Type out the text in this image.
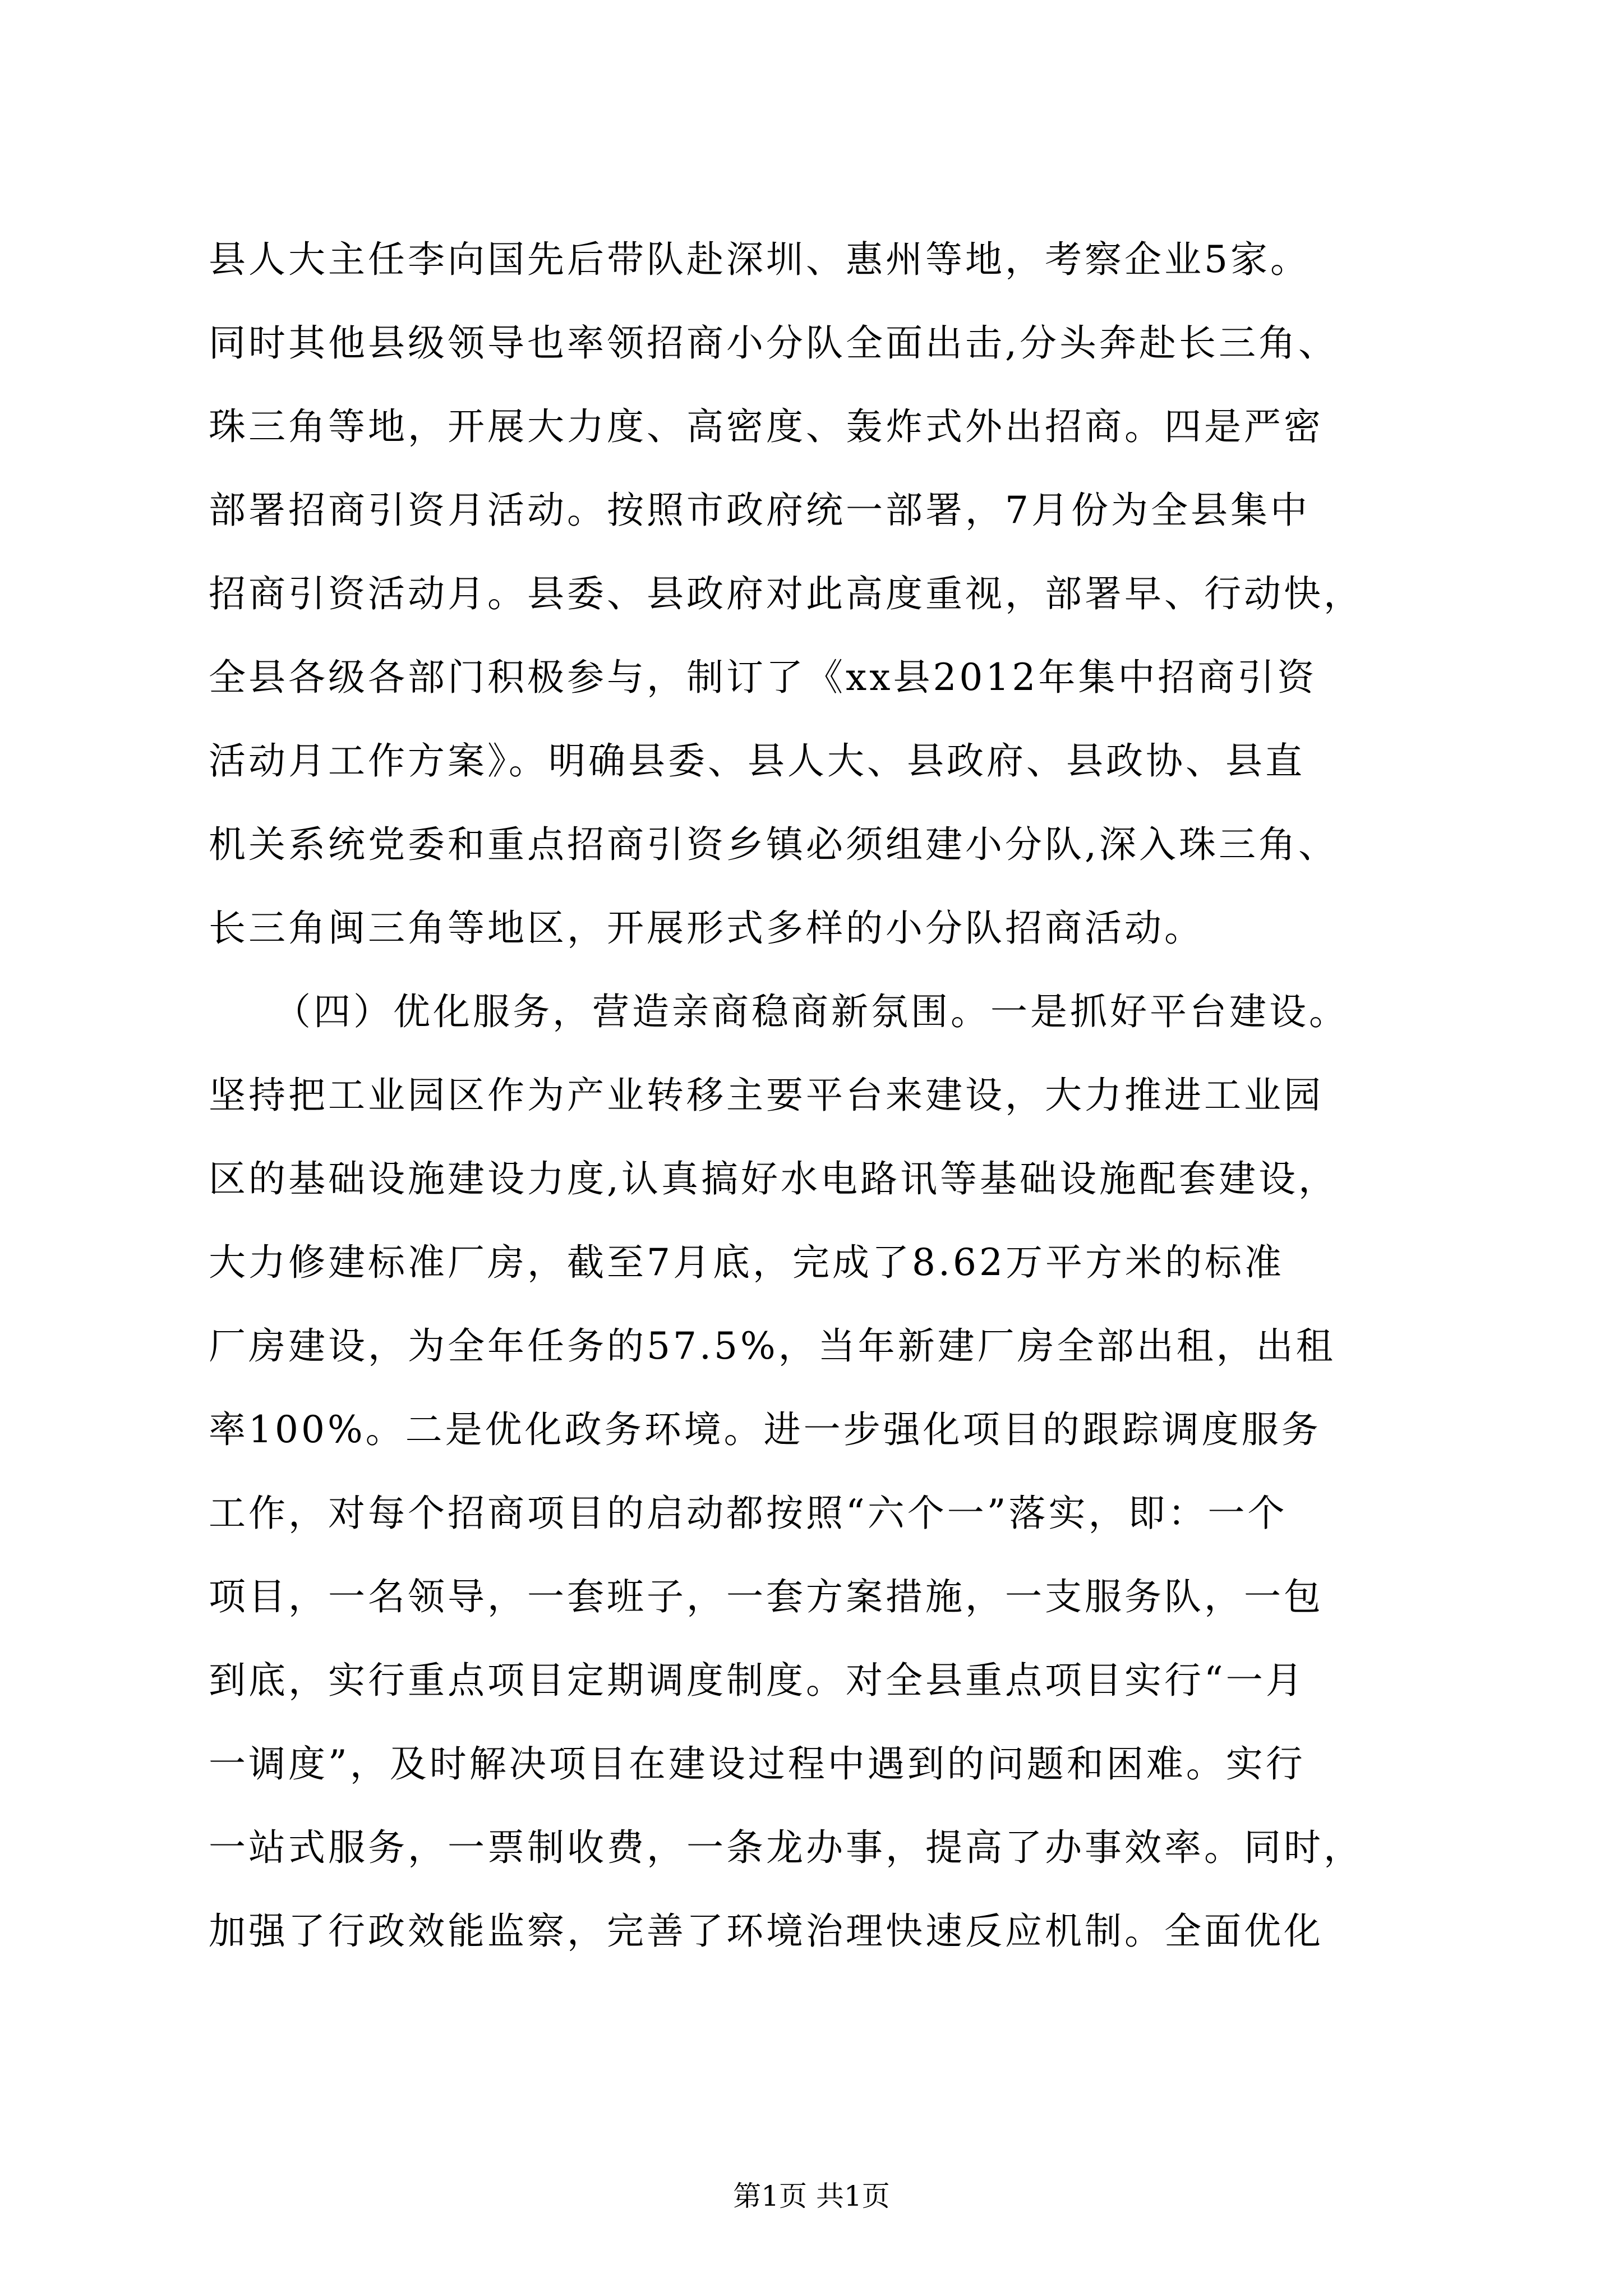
县人大主任李向国先后带队赴深圳、惠州等地，考察企业5家。
同时其他县级领导也率领招商小分队全面出击,分头奔赴长三角、
珠三角等地，开展大力度、高密度、轰炸式外出招商。四是严密
部署招商引资月活动。按照市政府统一部署，7月份为全县集中
招商引资活动月。县委、县政府对此高度重视，部署早、行动快，
全县各级各部门积极参与，制订了《xx县2012年集中招商引资
活动月工作方案》。明确县委、县人大、县政府、县政协、县直
机关系统党委和重点招商引资乡镇必须组建小分队,深入珠三角、
长三角闽三角等地区，开展形式多样的小分队招商活动。
（四）优化服务，营造亲商稳商新氛围。一是抓好平台建设。
坚持把工业园区作为产业转移主要平台来建设，大力推进工业园
区的基础设施建设力度,认真搞好水电路讯等基础设施配套建设，
大力修建标准厂房，截至7月底，完成了8.62万平方米的标准
厂房建设，为全年任务的57.5%，当年新建厂房全部出租，出租
率100%。二是优化政务环境。进一步强化项目的跟踪调度服务
工作，对每个招商项目的启动都按照“六个一”落实，即：一个
项目，一名领导，一套班子，一套方案措施，一支服务队，一包
到底，实行重点项目定期调度制度。对全县重点项目实行“一月
一调度”，及时解决项目在建设过程中遇到的问题和困难。实行
一站式服务，一票制收费，一条龙办事，提高了办事效率。同时，
加强了行政效能监察，完善了环境治理快速反应机制。全面优化
第1页 共1页
